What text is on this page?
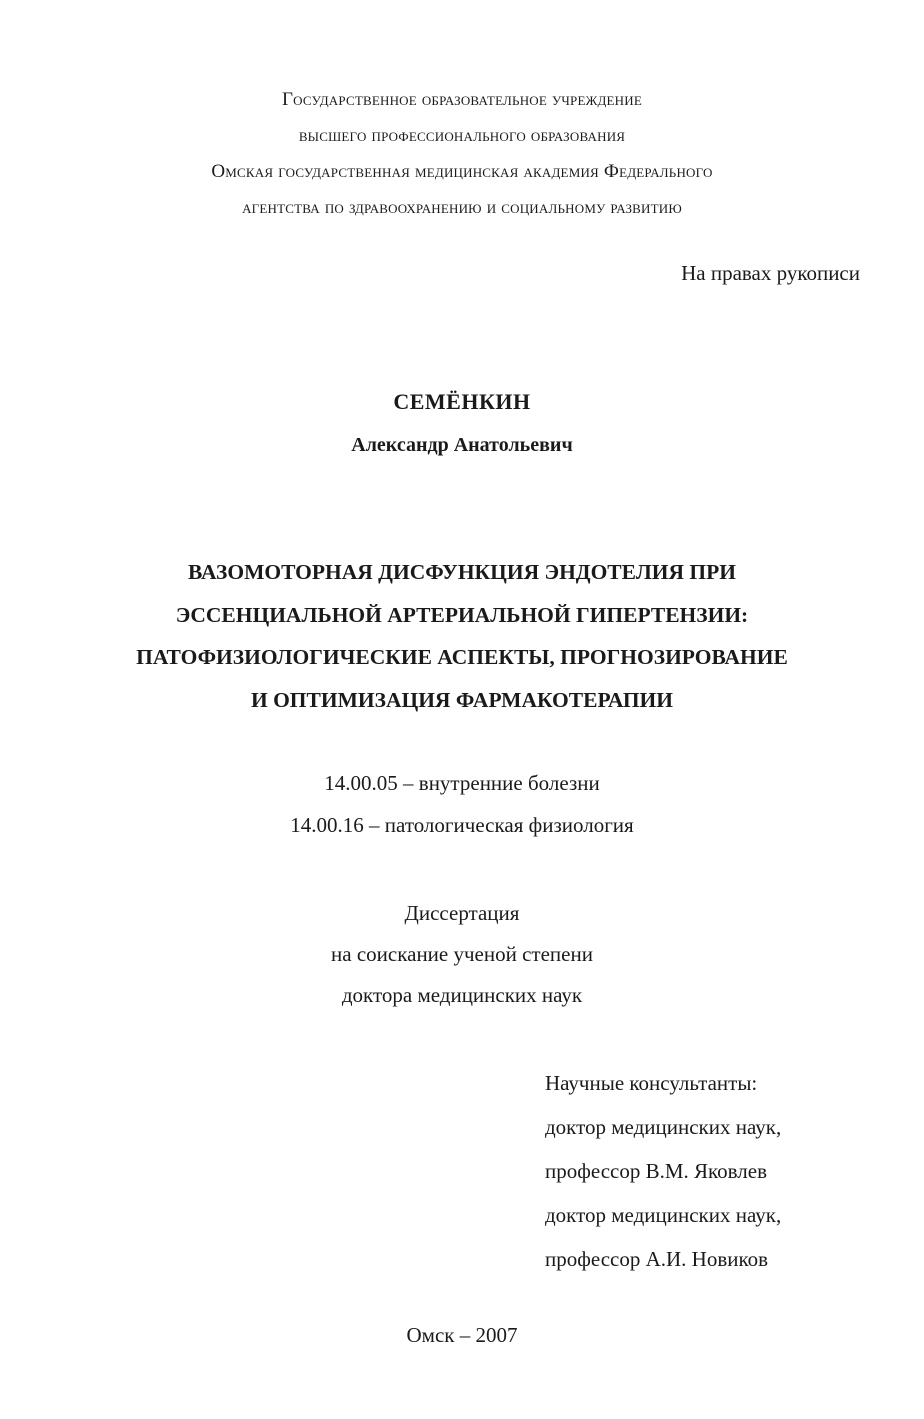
Государственное образовательное учреждение
высшего профессионального образования
Омская государственная медицинская академия Федерального
агентства по здравоохранению и социальному развитию
На правах рукописи
СЕМЁНКИН
Александр Анатольевич
ВАЗОМОТОРНАЯ ДИСФУНКЦИЯ ЭНДОТЕЛИЯ ПРИ
ЭССЕНЦИАЛЬНОЙ АРТЕРИАЛЬНОЙ ГИПЕРТЕНЗИИ:
ПАТОФИЗИОЛОГИЧЕСКИЕ АСПЕКТЫ, ПРОГНОЗИРОВАНИЕ
И ОПТИМИЗАЦИЯ ФАРМАКОТЕРАПИИ
14.00.05 – внутренние болезни
14.00.16 – патологическая физиология
Диссертация
на соискание ученой степени
доктора медицинских наук
Научные консультанты:
доктор медицинских наук,
профессор В.М. Яковлев
доктор медицинских наук,
профессор А.И. Новиков
Омск – 2007
